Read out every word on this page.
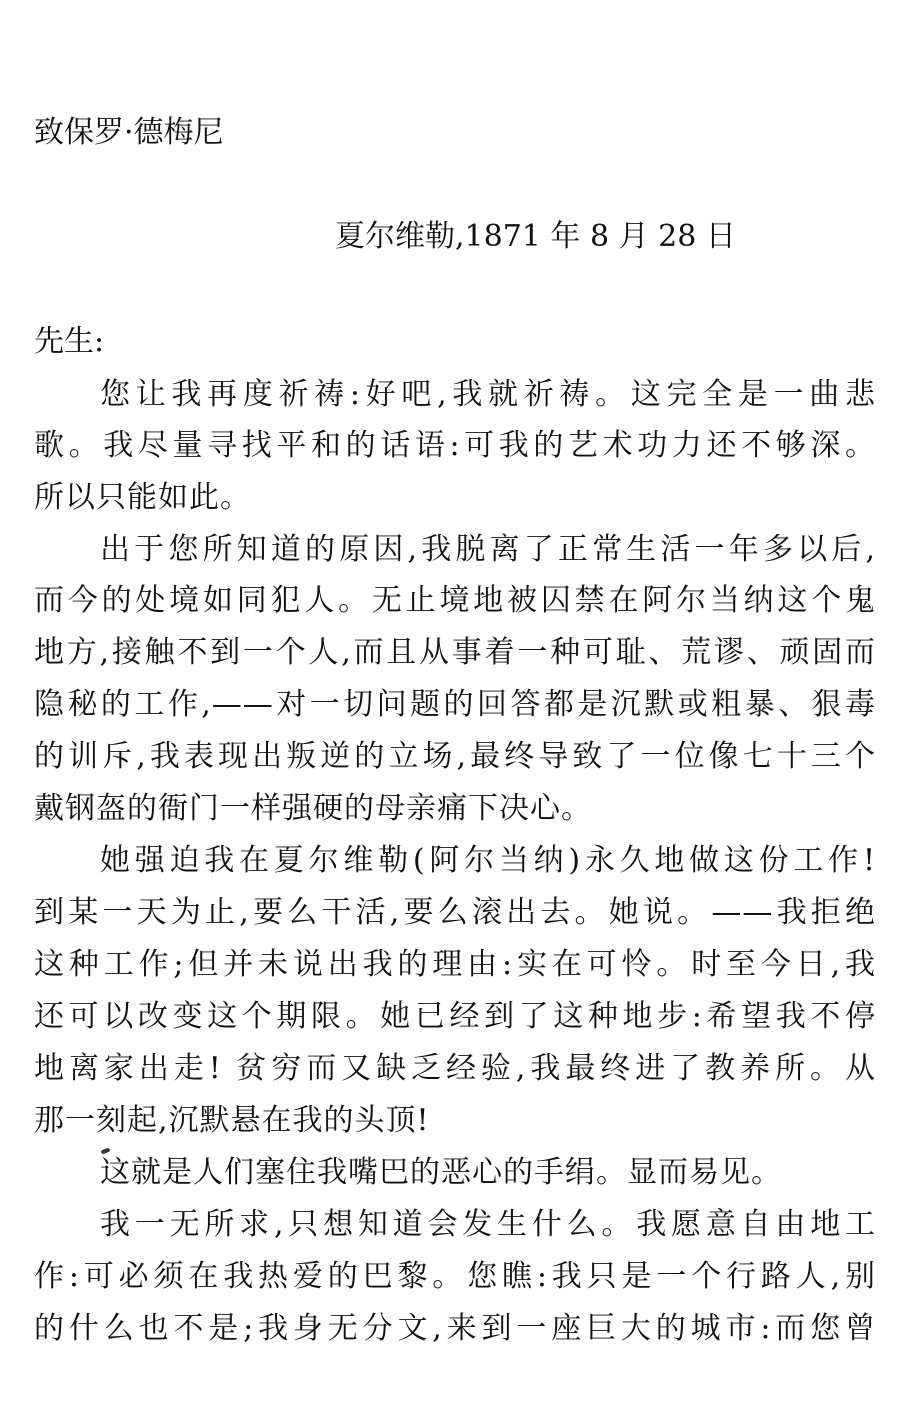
致保罗·德梅尼
夏尔维勒,1871 年 8 月 28 日
先生:
您让我再度祈祷:好吧,我就祈祷。这完全是一曲悲
歌。我尽量寻找平和的话语:可我的艺术功力还不够深。
所以只能如此。
出于您所知道的原因,我脱离了正常生活一年多以后,
而今的处境如同犯人。无止境地被囚禁在阿尔当纳这个鬼
地方,接触不到一个人,而且从事着一种可耻、荒谬、顽固而
隐秘的工作,——对一切问题的回答都是沉默或粗暴、狠毒
的训斥,我表现出叛逆的立场,最终导致了一位像七十三个
戴钢盔的衙门一样强硬的母亲痛下决心。
她强迫我在夏尔维勒(阿尔当纳)永久地做这份工作!
到某一天为止,要么干活,要么滚出去。她说。——我拒绝
这种工作;但并未说出我的理由:实在可怜。时至今日,我
还可以改变这个期限。她已经到了这种地步:希望我不停
地离家出走! 贫穷而又缺乏经验,我最终进了教养所。从
那一刻起,沉默悬在我的头顶!
这就是人们塞住我嘴巴的恶心的手绢。显而易见。
我一无所求,只想知道会发生什么。我愿意自由地工
作:可必须在我热爱的巴黎。您瞧:我只是一个行路人,别
的什么也不是;我身无分文,来到一座巨大的城市:而您曾
